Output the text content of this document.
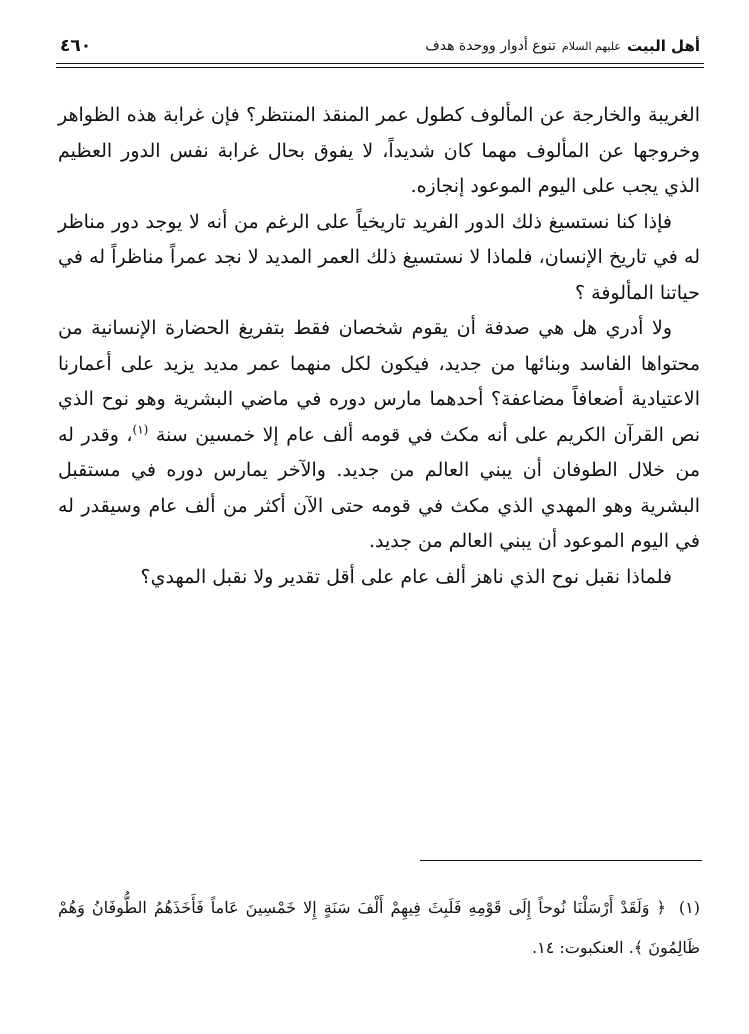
أهل البيت
عليهم السلام
تنوع أدوار ووحدة هدف
٤٦٠

الغريبة والخارجة عن المألوف كطول عمر المنقذ المنتظر؟ فإن غرابة هذه الظواهر وخروجها عن المألوف مهما كان شديداً، لا يفوق بحال غرابة نفس الدور العظيم الذي يجب على اليوم الموعود إنجازه.

فإذا كنا نستسيغ ذلك الدور الفريد تاريخياً على الرغم من أنه لا يوجد دور مناظر له في تاريخ الإنسان، فلماذا لا نستسيغ ذلك العمر المديد لا نجد عمراً مناظراً له في حياتنا المألوفة ؟

ولا أدري هل هي صدفة أن يقوم شخصان فقط بتفريغ الحضارة الإنسانية من محتواها الفاسد وبنائها من جديد، فيكون لكل منهما عمر مديد يزيد على أعمارنا الاعتيادية أضعافاً مضاعفة؟ أحدهما مارس دوره في ماضي البشرية وهو نوح الذي نص القرآن الكريم على أنه مكث في قومه ألف عام إلا خمسين سنة $^{(١)}$، وقدر له من خلال الطوفان أن يبني العالم من جديد. والآخر يمارس دوره في مستقبل البشرية وهو المهدي الذي مكث في قومه حتى الآن أكثر من ألف عام وسيقدر له في اليوم الموعود أن يبني العالم من جديد.

فلماذا نقبل نوح الذي ناهز ألف عام على أقل تقدير ولا نقبل المهدي؟

(١) ﴿ وَلَقَدْ أَرْسَلْنَا نُوحاً إِلَى قَوْمِهِ فَلَبِثَ فِيهِمْ أَلْفَ سَنَةٍ إِلا خَمْسِينَ عَاماً فَأَخَذَهُمُ الطُّوفَانُ وَهُمْ ظَالِمُونَ ﴾. العنكبوت: ١٤.
